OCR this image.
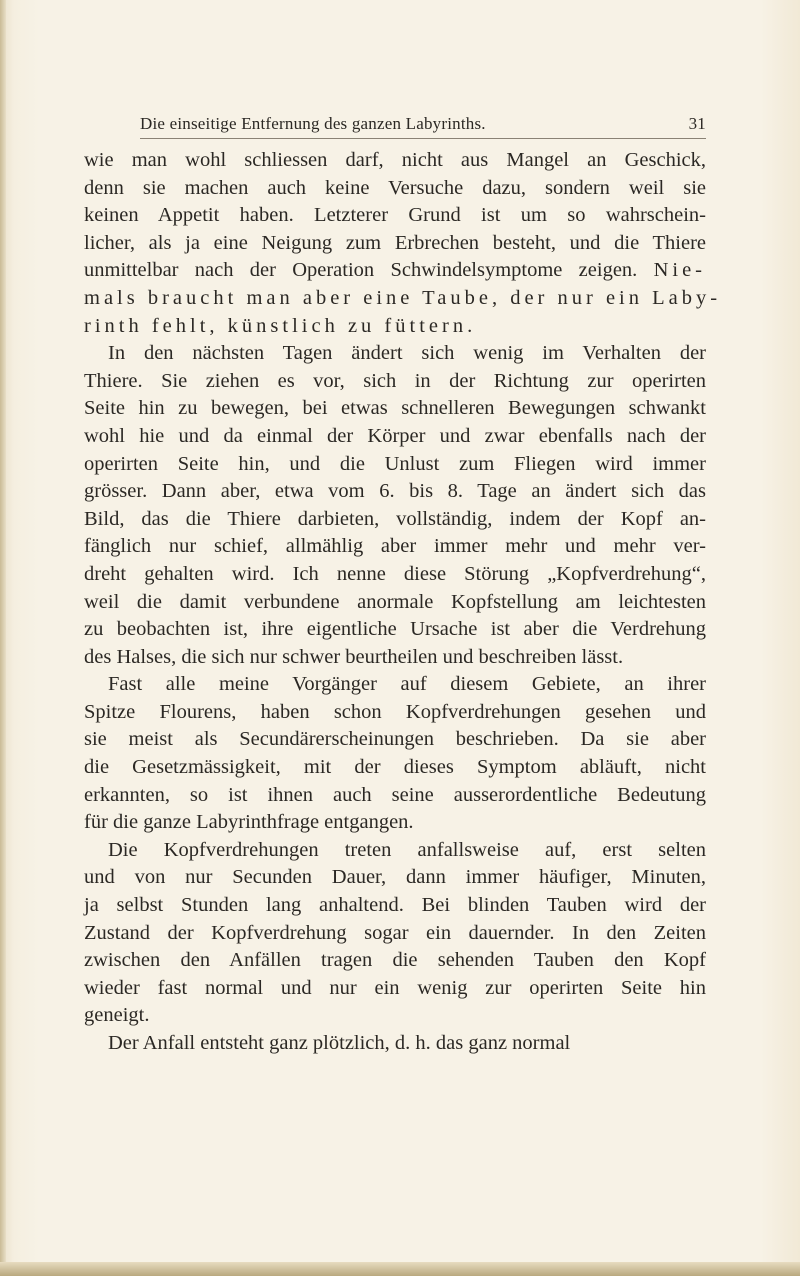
Die einseitige Entfernung des ganzen Labyrinths.	31
wie man wohl schliessen darf, nicht aus Mangel an Geschick,
denn sie machen auch keine Versuche dazu, sondern weil sie
keinen Appetit haben. Letzterer Grund ist um so wahrschein-
licher, als ja eine Neigung zum Erbrechen besteht, und die Thiere
unmittelbar nach der Operation Schwindelsymptome zeigen. Nie-
mals braucht man aber eine Taube, der nur ein Laby-
rinth fehlt, künstlich zu füttern.
In den nächsten Tagen ändert sich wenig im Verhalten der
Thiere. Sie ziehen es vor, sich in der Richtung zur operirten
Seite hin zu bewegen, bei etwas schnelleren Bewegungen schwankt
wohl hie und da einmal der Körper und zwar ebenfalls nach der
operirten Seite hin, und die Unlust zum Fliegen wird immer
grösser. Dann aber, etwa vom 6. bis 8. Tage an ändert sich das
Bild, das die Thiere darbieten, vollständig, indem der Kopf an-
fänglich nur schief, allmählig aber immer mehr und mehr ver-
dreht gehalten wird. Ich nenne diese Störung „Kopfverdrehung“,
weil die damit verbundene anormale Kopfstellung am leichtesten
zu beobachten ist, ihre eigentliche Ursache ist aber die Verdrehung
des Halses, die sich nur schwer beurtheilen und beschreiben lässt.
Fast alle meine Vorgänger auf diesem Gebiete, an ihrer
Spitze Flourens, haben schon Kopfverdrehungen gesehen und
sie meist als Secundärerscheinungen beschrieben. Da sie aber
die Gesetzmässigkeit, mit der dieses Symptom abläuft, nicht
erkannten, so ist ihnen auch seine ausserordentliche Bedeutung
für die ganze Labyrinthfrage entgangen.
Die Kopfverdrehungen treten anfallsweise auf, erst selten
und von nur Secunden Dauer, dann immer häufiger, Minuten,
ja selbst Stunden lang anhaltend. Bei blinden Tauben wird der
Zustand der Kopfverdrehung sogar ein dauernder. In den Zeiten
zwischen den Anfällen tragen die sehenden Tauben den Kopf
wieder fast normal und nur ein wenig zur operirten Seite hin
geneigt.
Der Anfall entsteht ganz plötzlich, d. h. das ganz normal
